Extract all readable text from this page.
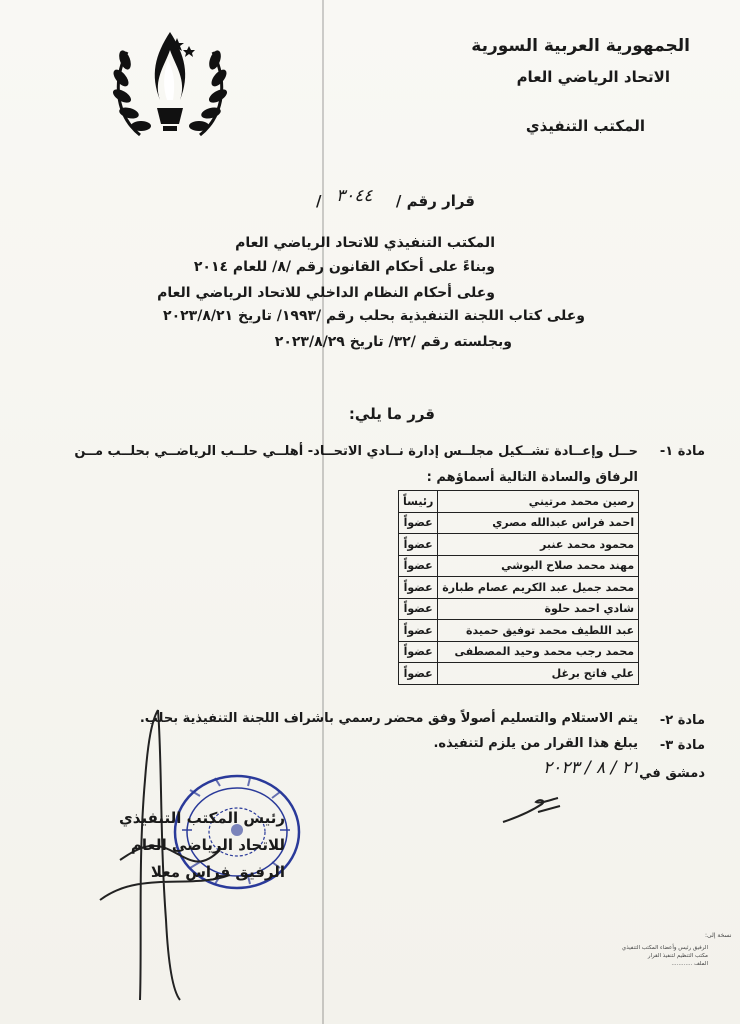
الجمهورية العربية السورية
الاتحاد الرياضي العام
المكتب التنفيذي
قرار رقم /
٣٠٤٤
/
المكتب التنفيذي للاتحاد الرياضي العام
وبناءً على أحكام القانون رقم /٨/ للعام ٢٠١٤
وعلى أحكام النظام الداخلي للاتحاد الرياضي العام
وعلى كتاب اللجنة التنفيذية بحلب رقم /١٩٩٣/ تاريخ ٢٠٢٣/٨/٢١
وبجلسته رقم /٣٢/ تاريخ ٢٠٢٣/٨/٢٩
قرر ما يلي:
مادة ١-
حــل وإعــادة تشــكيل مجلــس إدارة نــادي الاتحــاد- أهلــي حلــب الرياضــي بحلــب مــن
الرفاق والسادة التالية أسماؤهم :
رصين محمد مرتيني	رئيساً
احمد فراس عبدالله مصري	عضواً
محمود محمد عنبر	عضواً
مهند محمد صلاح البوشي	عضواً
محمد جميل عبد الكريم عصام طبارة	عضواً
شادي احمد حلوة	عضواً
عبد اللطيف محمد توفيق حميدة	عضواً
محمد رجب محمد وحيد المصطفى	عضواً
علي فاتح برغل	عضواً
مادة ٢-
يتم الاستلام والتسليم أصولاً وفق محضر رسمي باشراف اللجنة التنفيذية بحلب.
مادة ٣-
يبلغ هذا القرار من يلزم لتنفيذه.
دمشق في
٢١ / ٨ / ٢٠٢٣
رئيس المكتب التنفيذي
للاتحاد الرياضي العام
الرفيق فراس معلا
نسخة إلى:
الرفيق رئيس وأعضاء المكتب التنفيذي
مكتب التنظيم لتنفيذ القرار
الملف ............
